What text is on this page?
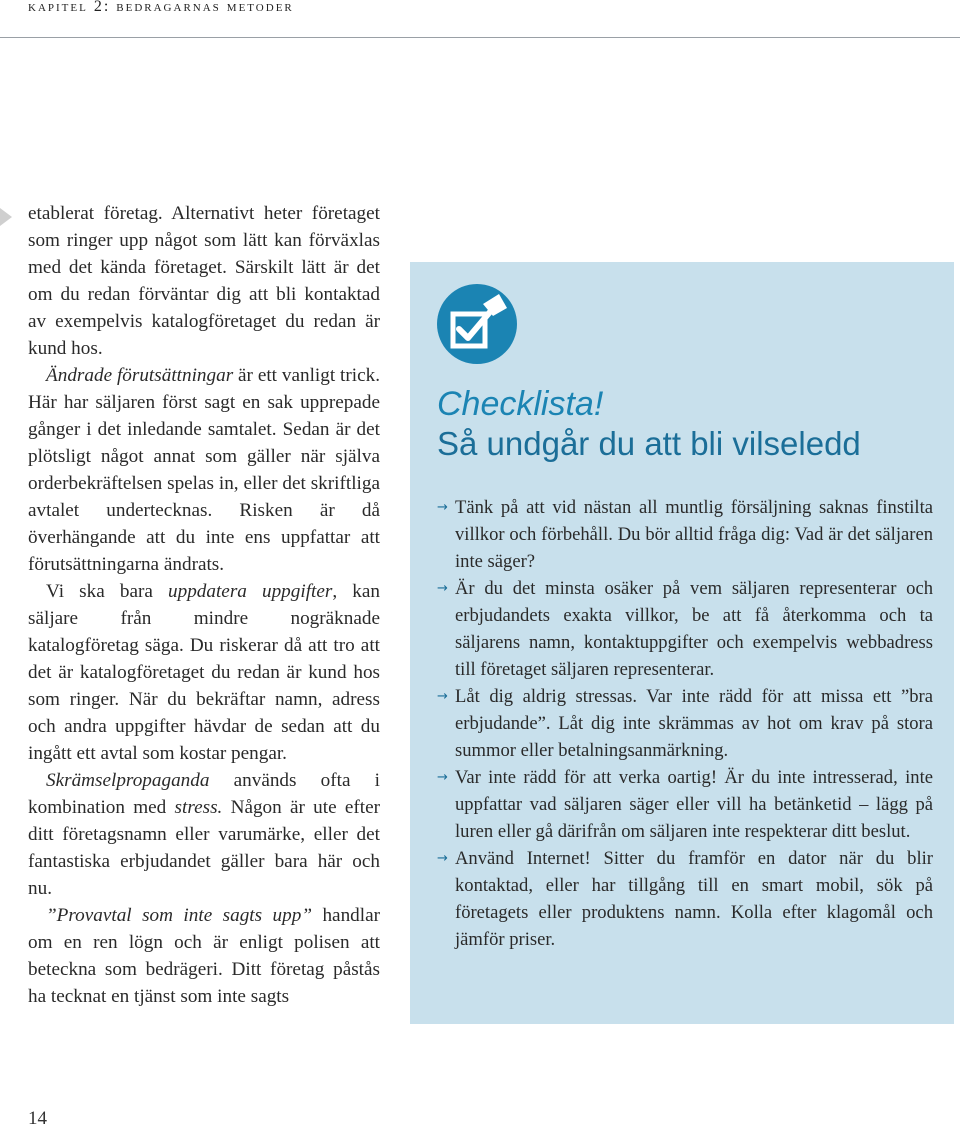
kapitel 2: bedragarnas metoder

etablerat företag. Alternativt heter företaget som ringer upp något som lätt kan förväxlas med det kända företaget. Särskilt lätt är det om du redan förväntar dig att bli kontaktad av exempelvis katalogföretaget du redan är kund hos.

Ändrade förutsättningar är ett vanligt trick. Här har säljaren först sagt en sak upprepade gånger i det inledande samtalet. Sedan är det plötsligt något annat som gäller när själva orderbekräftelsen spelas in, eller det skriftliga avtalet undertecknas. Risken är då överhängande att du inte ens uppfattar att förutsättningarna ändrats.

Vi ska bara uppdatera uppgifter, kan säljare från mindre nogräknade katalogföretag säga. Du riskerar då att tro att det är katalogföretaget du redan är kund hos som ringer. När du bekräftar namn, adress och andra uppgifter hävdar de sedan att du ingått ett avtal som kostar pengar.

Skrämselpropaganda används ofta i kombination med stress. Någon är ute efter ditt företagsnamn eller varumärke, eller det fantastiska erbjudandet gäller bara här och nu.

”Provavtal som inte sagts upp” handlar om en ren lögn och är enligt polisen att beteckna som bedrägeri. Ditt företag påstås ha tecknat en tjänst som inte sagts

Checklista!
Så undgår du att bli vilseledd
→ Tänk på att vid nästan all muntlig försäljning saknas finstilta villkor och förbehåll. Du bör alltid fråga dig: Vad är det säljaren inte säger?
→ Är du det minsta osäker på vem säljaren representerar och erbjudandets exakta villkor, be att få återkomma och ta säljarens namn, kontaktuppgifter och exempelvis webbadress till företaget säljaren representerar.
→ Låt dig aldrig stressas. Var inte rädd för att missa ett ”bra erbjudande”. Låt dig inte skrämmas av hot om krav på stora summor eller betalningsanmärkning.
→ Var inte rädd för att verka oartig! Är du inte intresserad, inte uppfattar vad säljaren säger eller vill ha betänketid – lägg på luren eller gå därifrån om säljaren inte respekterar ditt beslut.
→ Använd Internet! Sitter du framför en dator när du blir kontaktad, eller har tillgång till en smart mobil, sök på företagets eller produktens namn. Kolla efter klagomål och jämför priser.
14
